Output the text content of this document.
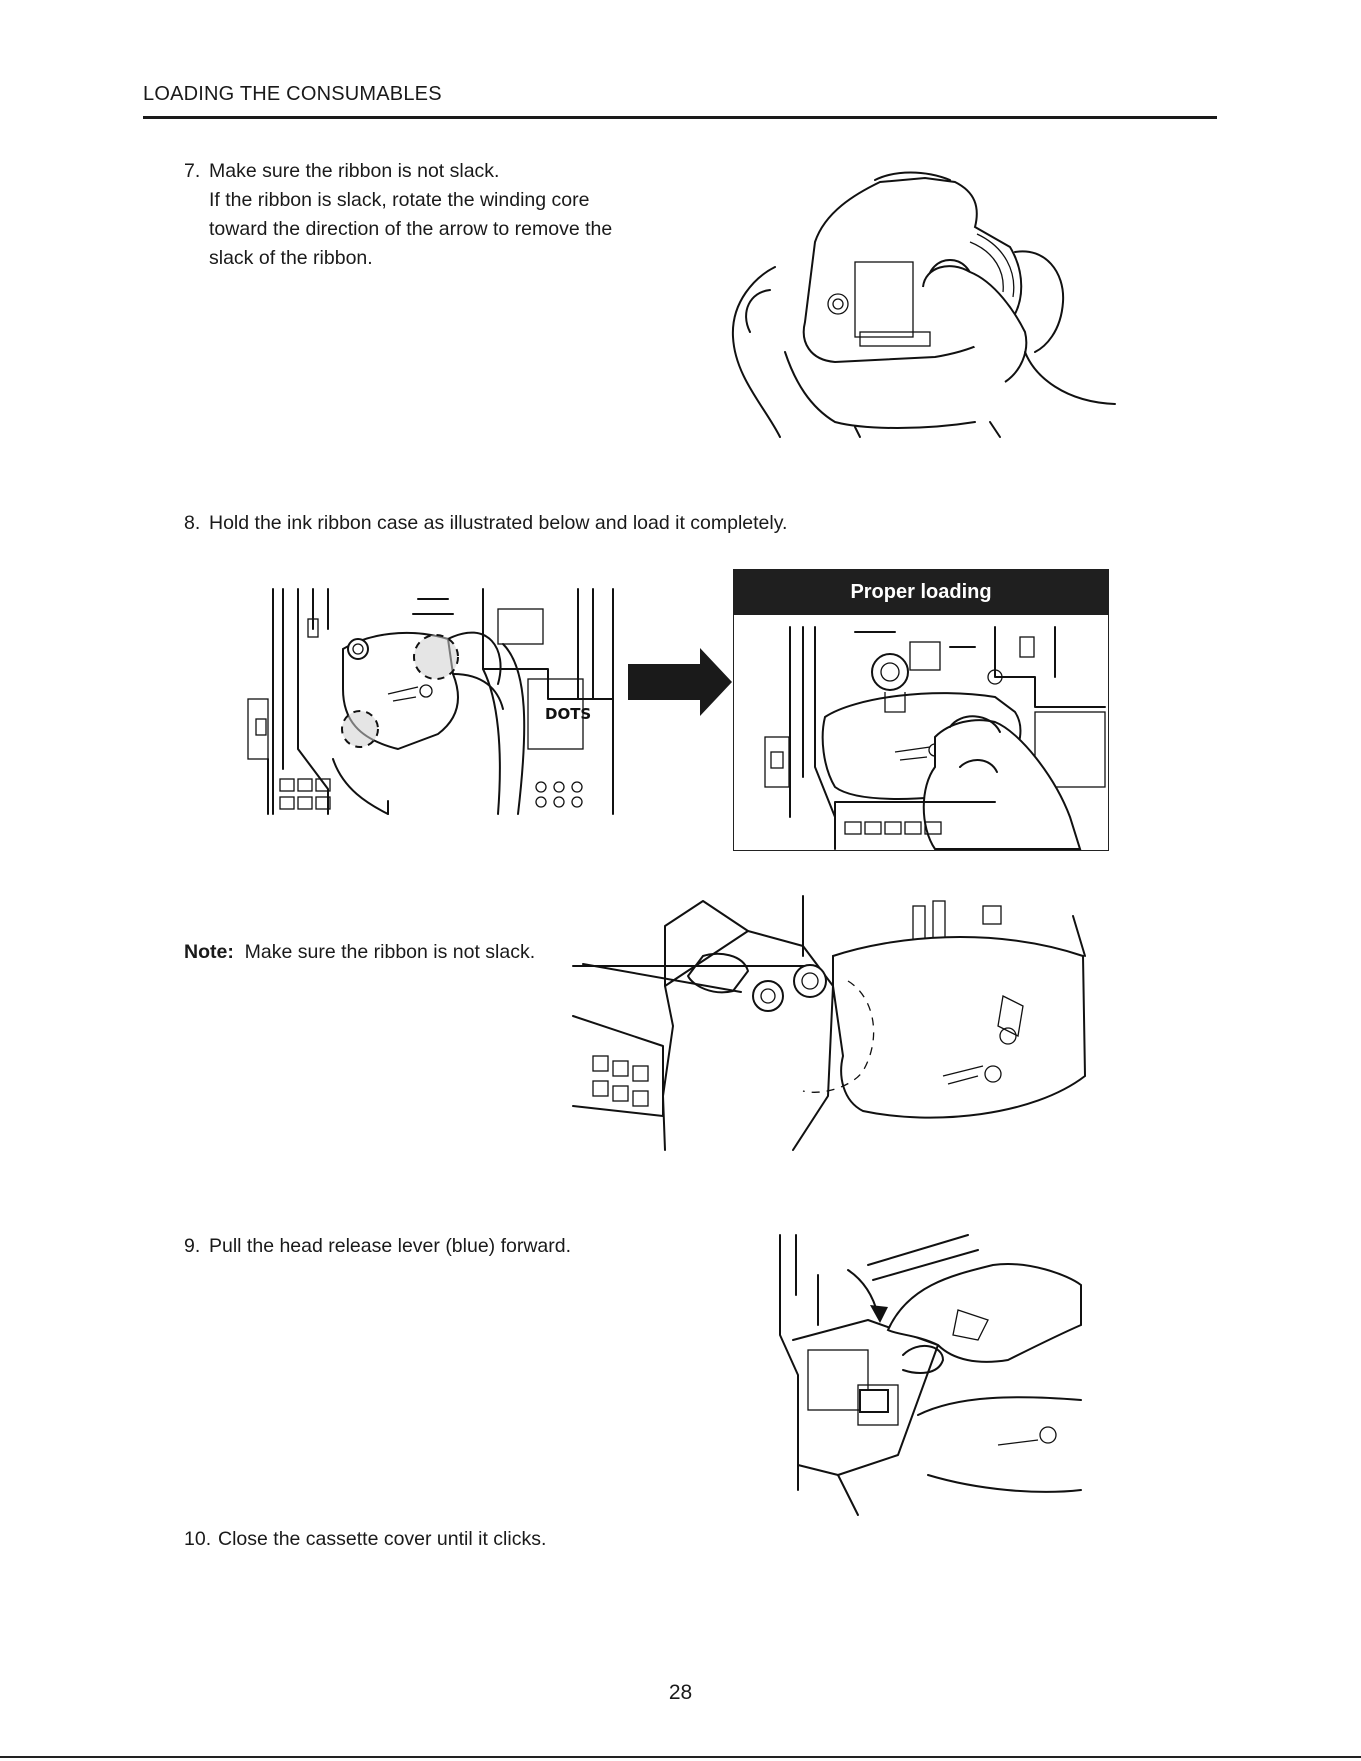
LOADING THE CONSUMABLES
7. Make sure the ribbon is not slack.
If the ribbon is slack, rotate the winding core
toward the direction of the arrow to remove the
slack of the ribbon.
8. Hold the ink ribbon case as illustrated below and load it completely.
DOTS
Proper loading
Note: Make sure the ribbon is not slack.
9. Pull the head release lever (blue) forward.
10. Close the cassette cover until it clicks.
28
